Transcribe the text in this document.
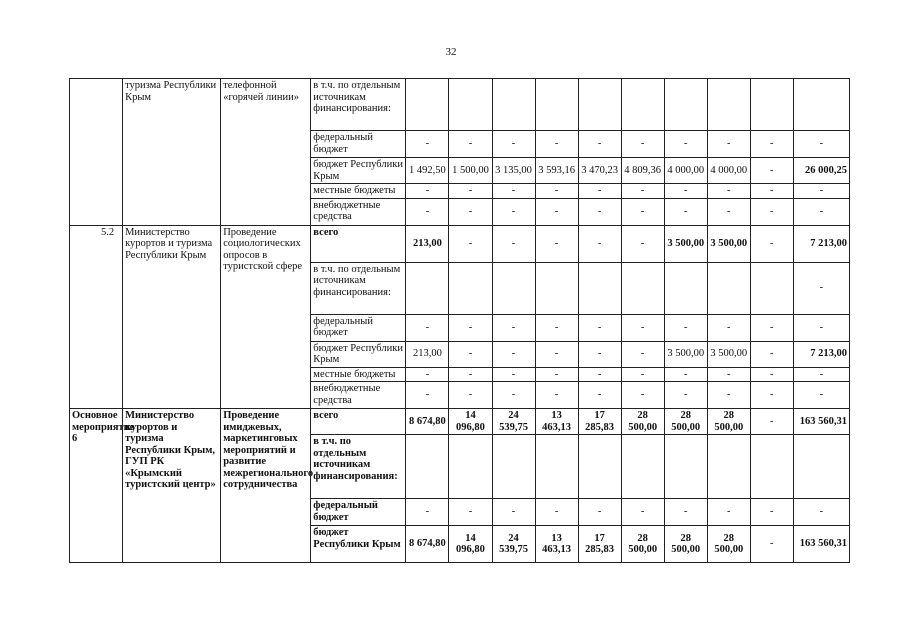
32
	туризма Республики Крым	телефонной «горячей линии»	в т.ч. по отдельным источникам финансирования:										
			федеральный бюджет	-	-	-	-	-	-	-	-	-	-
			бюджет Республики Крым	1 492,50	1 500,00	3 135,00	3 593,16	3 470,23	4 809,36	4 000,00	4 000,00	-	26 000,25
			местные бюджеты	-	-	-	-	-	-	-	-	-	-
			внебюджетные средства	-	-	-	-	-	-	-	-	-	-
5.2	Министерство курортов и туризма Республики Крым	Проведение социологических опросов в туристской сфере	всего	213,00	-	-	-	-	-	3 500,00	3 500,00	-	7 213,00
			в т.ч. по отдельным источникам финансирования:										-
			федеральный бюджет	-	-	-	-	-	-	-	-	-	-
			бюджет Республики Крым	213,00	-	-	-	-	-	3 500,00	3 500,00	-	7 213,00
			местные бюджеты	-	-	-	-	-	-	-	-	-	-
			внебюджетные средства	-	-	-	-	-	-	-	-	-	-
Основное мероприятие 6	Министерство курортов и туризма Республики Крым, ГУП РК «Крымский туристский центр»	Проведение имиджевых, маркетинговых мероприятий и развитие межрегионального сотрудничества	всего	8 674,80	14 096,80	24 539,75	13 463,13	17 285,83	28 500,00	28 500,00	28 500,00	-	163 560,31
			в т.ч. по отдельным источникам финансирования:										
			федеральный бюджет	-	-	-	-	-	-	-	-	-	-
			бюджет Республики Крым	8 674,80	14 096,80	24 539,75	13 463,13	17 285,83	28 500,00	28 500,00	28 500,00	-	163 560,31
